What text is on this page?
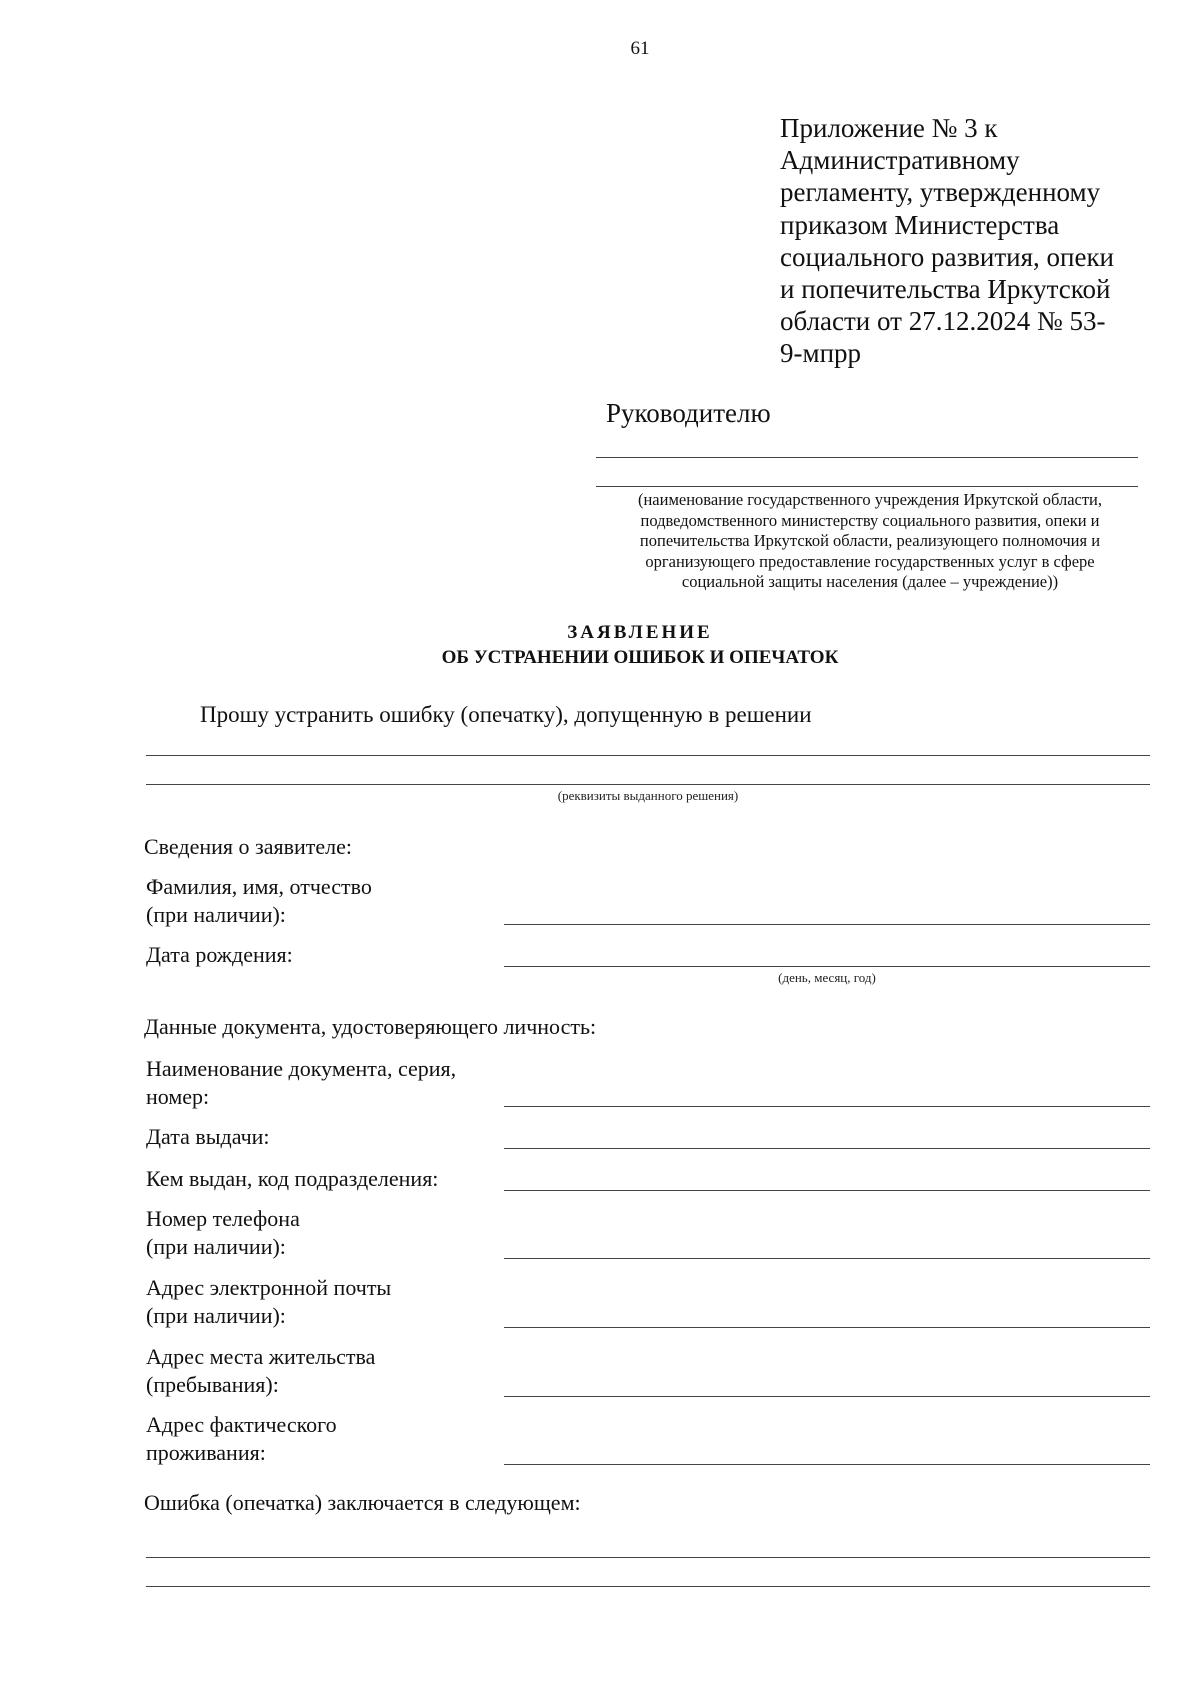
61
Приложение № 3 к
Административному
регламенту, утвержденному
приказом Министерства
социального развития, опеки
и попечительства Иркутской
области от 27.12.2024 № 53-
9-мпрр
Руководителю
(наименование государственного учреждения Иркутской области,
подведомственного министерству социального развития, опеки и
попечительства Иркутской области, реализующего полномочия и
организующего предоставление государственных услуг в сфере
социальной защиты населения (далее – учреждение))
ЗАЯВЛЕНИЕ
ОБ УСТРАНЕНИИ ОШИБОК И ОПЕЧАТОК
Прошу устранить ошибку (опечатку), допущенную в решении
(реквизиты выданного решения)
Сведения о заявителе:
Фамилия, имя, отчество
(при наличии):
Дата рождения:
(день, месяц, год)
Данные документа, удостоверяющего личность:
Наименование документа, серия,
номер:
Дата выдачи:
Кем выдан, код подразделения:
Номер телефона
(при наличии):
Адрес электронной почты
(при наличии):
Адрес места жительства
(пребывания):
Адрес фактического
проживания:
Ошибка (опечатка) заключается в следующем:
